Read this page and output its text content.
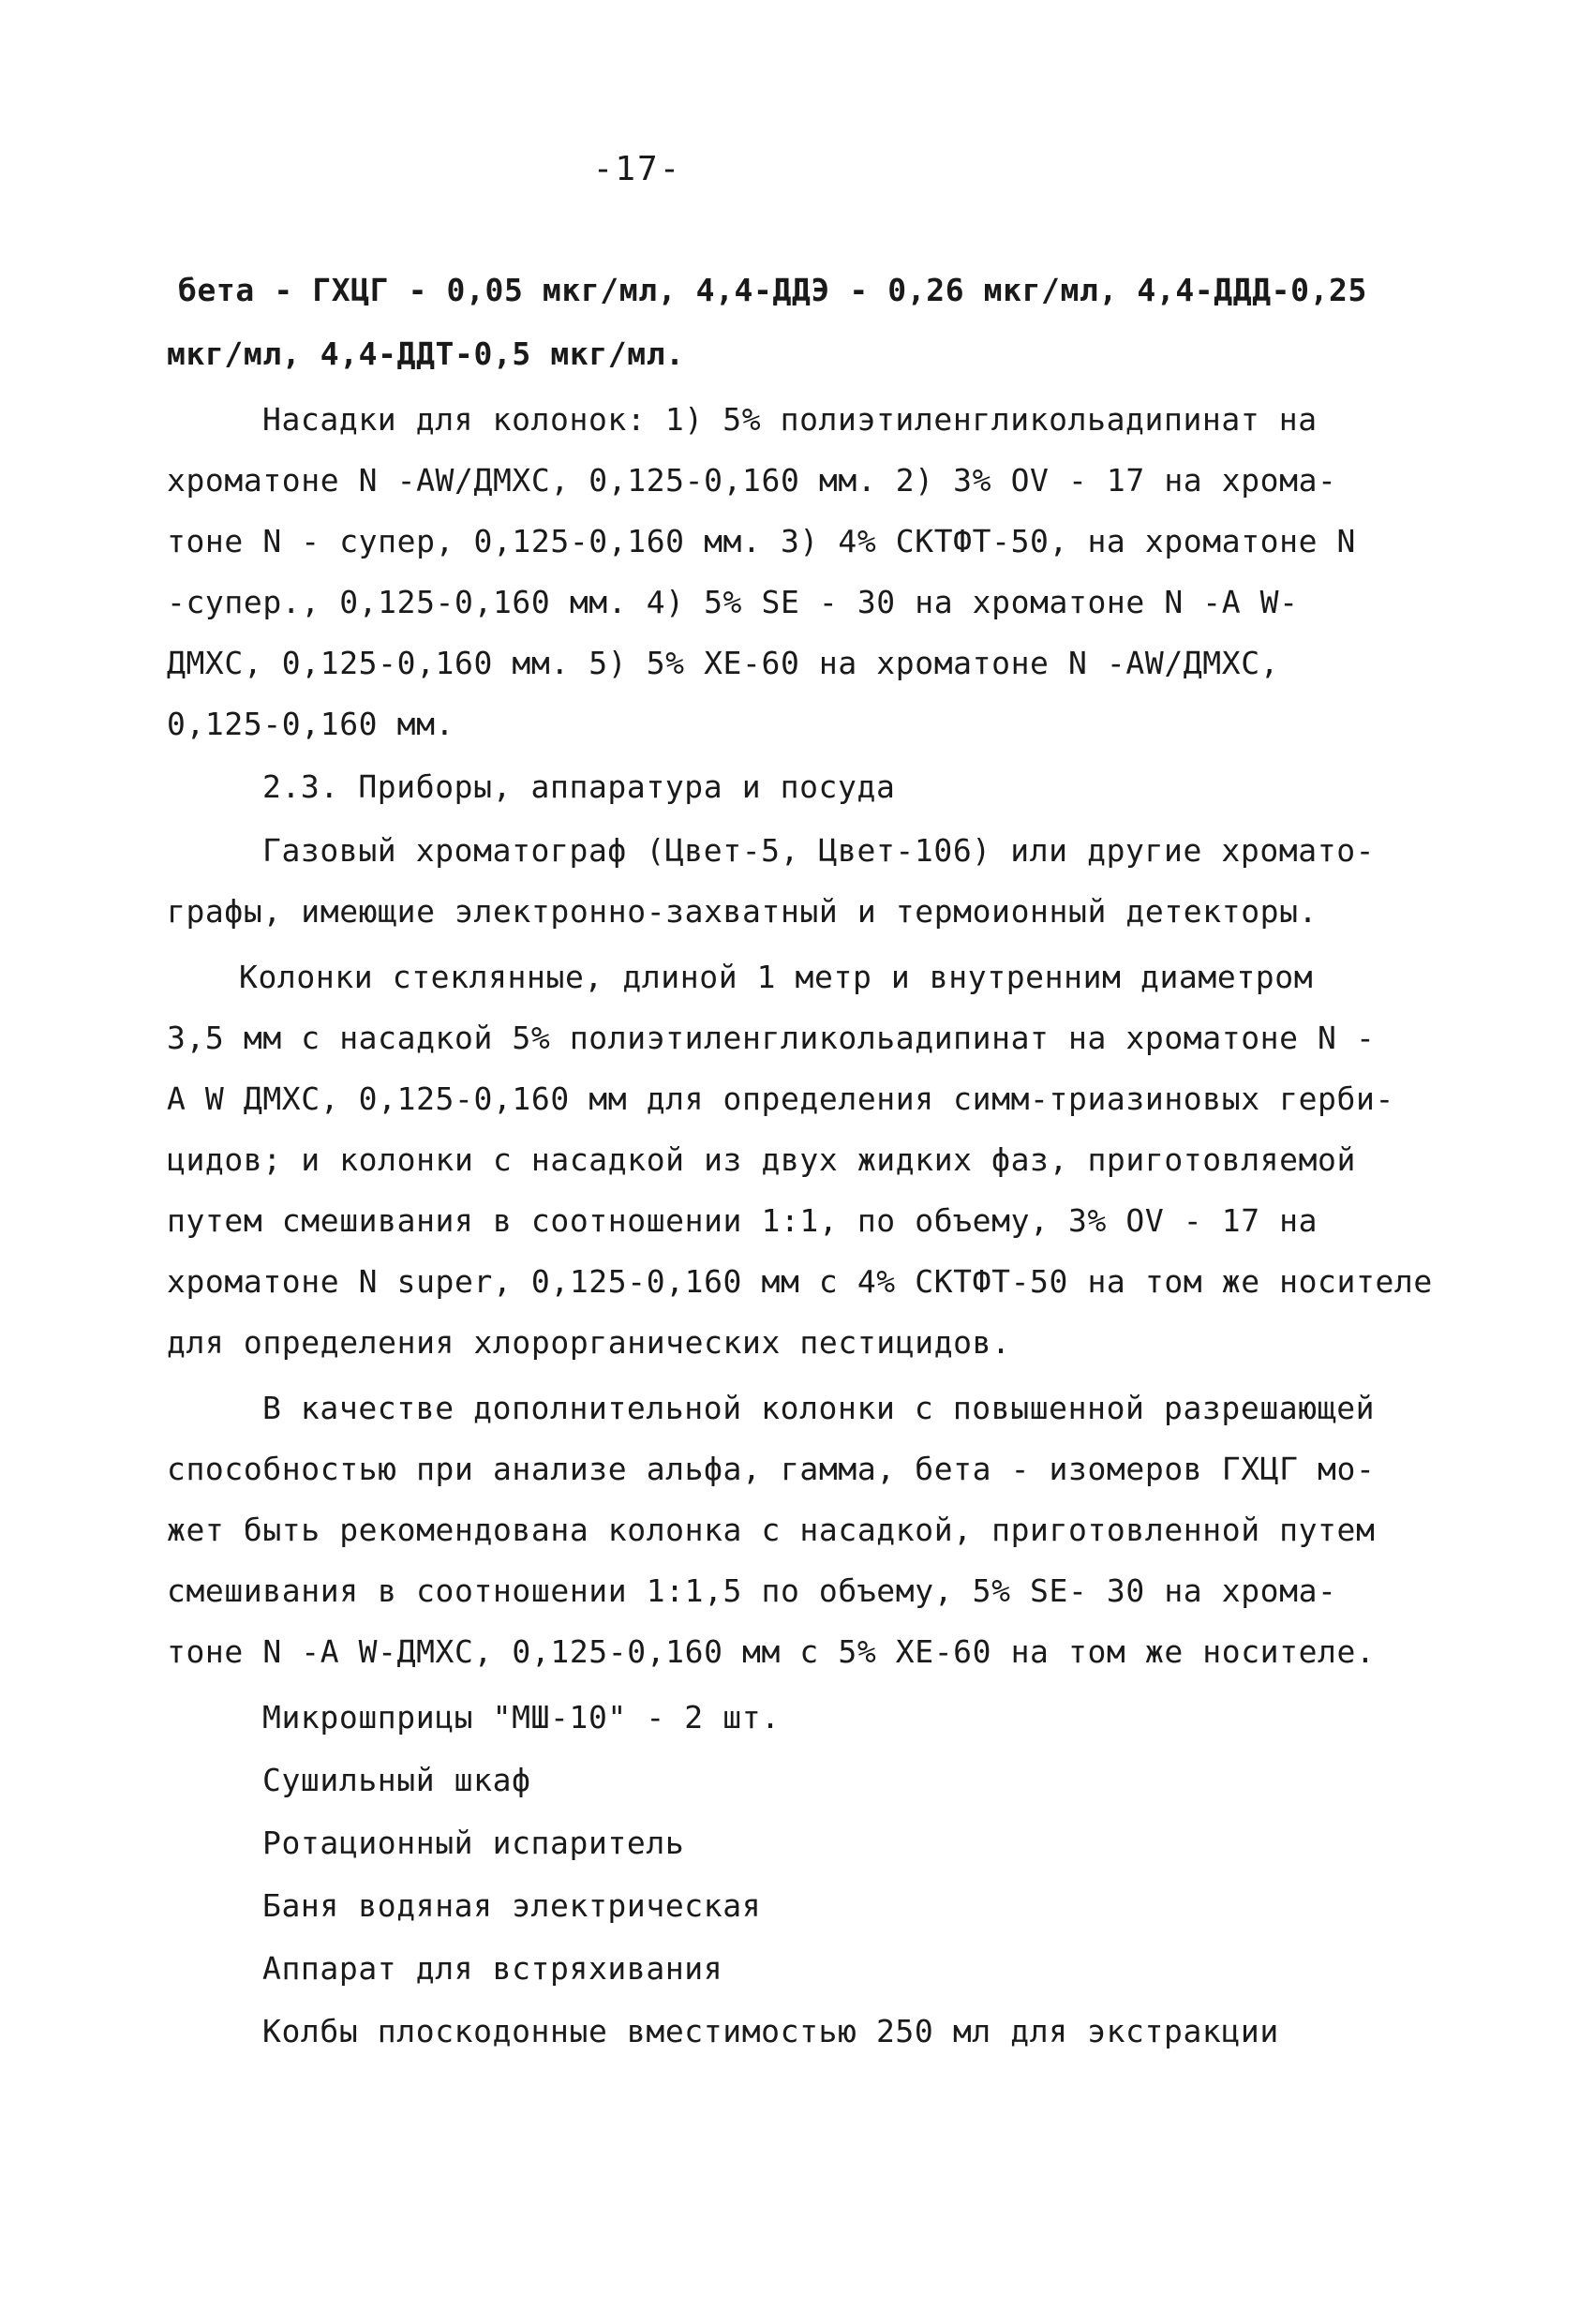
-17-
бета - ГХЦГ - 0,05 мкг/мл, 4,4-ДДЭ - 0,26 мкг/мл, 4,4-ДДД-0,25
мкг/мл, 4,4-ДДТ-0,5 мкг/мл.
Насадки для колонок: 1) 5% полиэтиленгликольадипинат на
хроматоне N -AW/ДМХС, 0,125-0,160 мм. 2) 3% OV - 17 на хрома-
тоне N - супер, 0,125-0,160 мм. 3) 4% СКТФТ-50, на хроматоне N
-супер., 0,125-0,160 мм. 4) 5% SE - 30 на хроматоне N -A W-
ДМХС, 0,125-0,160 мм. 5) 5% ХЕ-60 на хроматоне N -AW/ДМХС,
0,125-0,160 мм.
2.3. Приборы, аппаратура и посуда
Газовый хроматограф (Цвет-5, Цвет-106) или другие хромато-
графы, имеющие электронно-захватный и термоионный детекторы.
Колонки стеклянные, длиной 1 метр и внутренним диаметром
3,5 мм с насадкой 5% полиэтиленгликольадипинат на хроматоне N -
A W ДМХС, 0,125-0,160 мм для определения симм-триазиновых герби-
цидов; и колонки с насадкой из двух жидких фаз, приготовляемой
путем смешивания в соотношении 1:1, по объему, 3% OV - 17 на
хроматоне N super, 0,125-0,160 мм с 4% СКТФТ-50 на том же носителе
для определения хлорорганических пестицидов.
В качестве дополнительной колонки с повышенной разрешающей
способностью при анализе альфа, гамма, бета - изомеров ГХЦГ мо-
жет быть рекомендована колонка с насадкой, приготовленной путем
смешивания в соотношении 1:1,5 по объему, 5% SE- 30 на хрома-
тоне N -A W-ДМХС, 0,125-0,160 мм с 5% ХЕ-60 на том же носителе.
Микрошприцы "МШ-10" - 2 шт.
Сушильный шкаф
Ротационный испаритель
Баня водяная электрическая
Аппарат для встряхивания
Колбы плоскодонные вместимостью 250 мл для экстракции
